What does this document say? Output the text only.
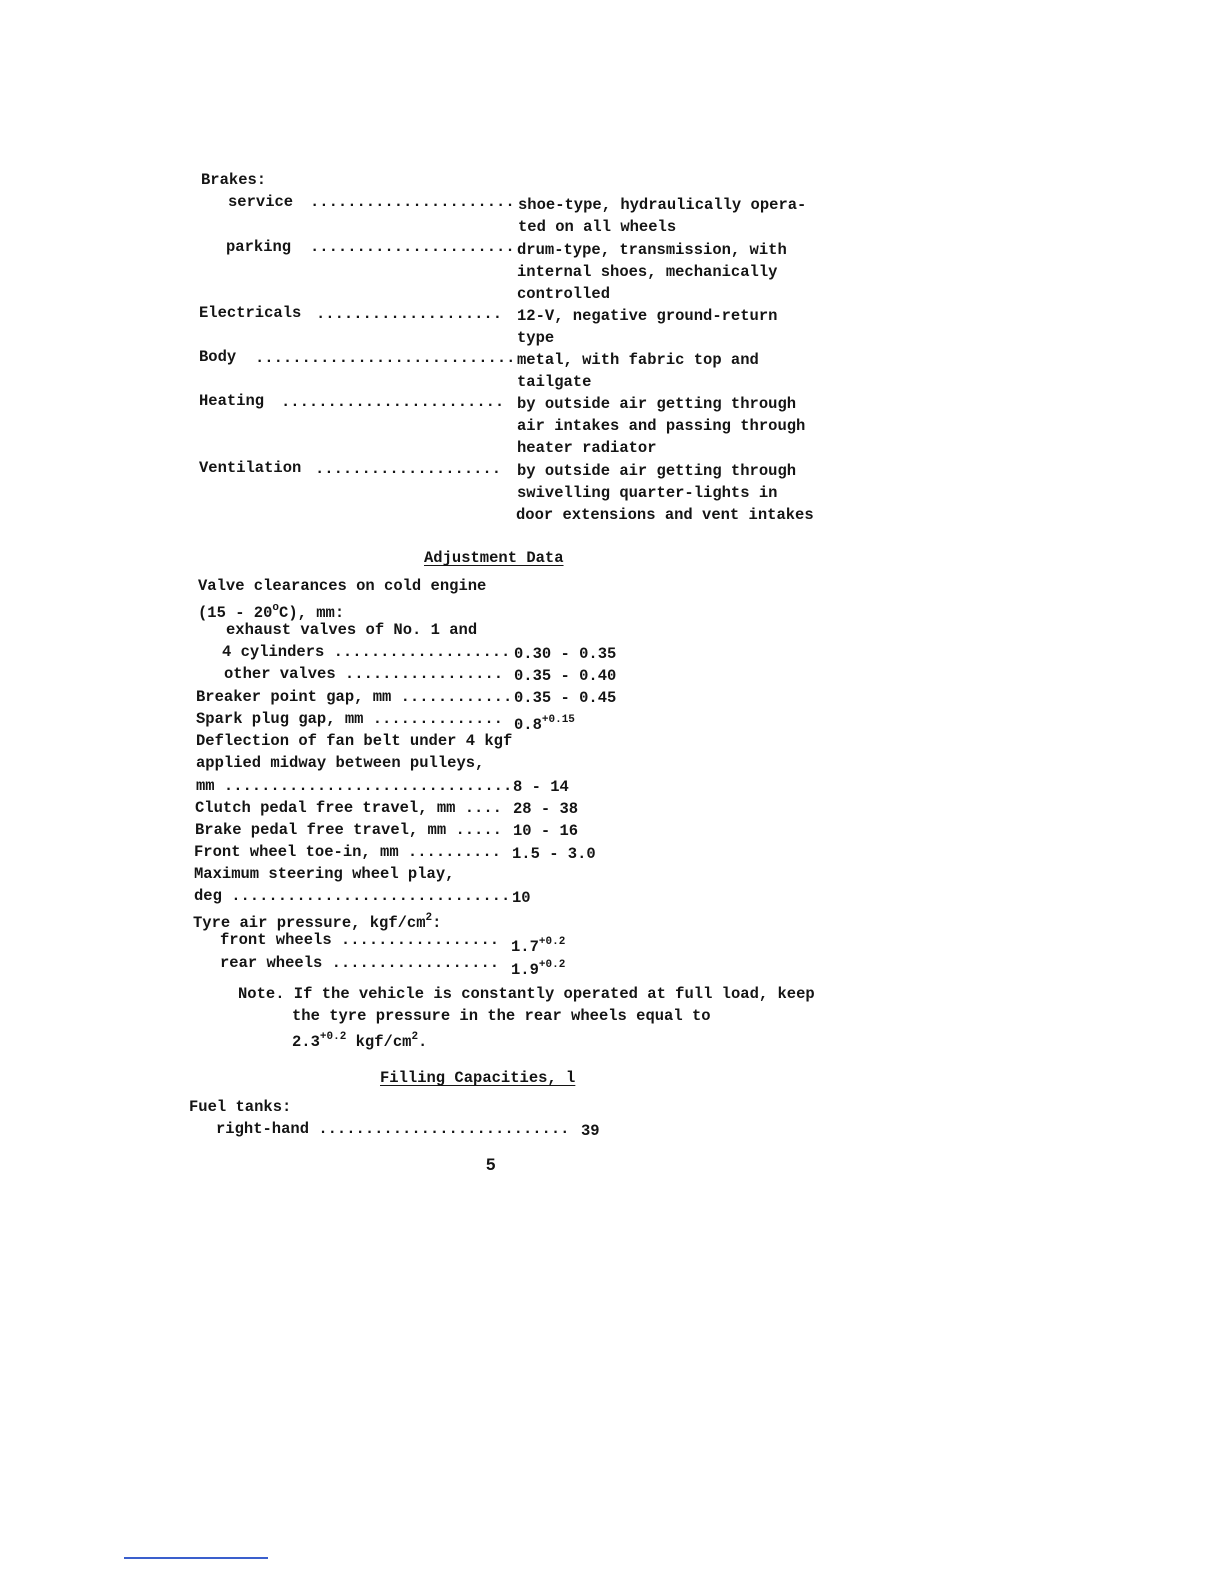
Brakes:
service ...................... shoe-type, hydraulically opera-
ted on all wheels
parking ...................... drum-type, transmission, with
internal shoes, mechanically
controlled
Electricals .................... 12-V, negative ground-return
type
Body ............................ metal, with fabric top and
tailgate
Heating ........................ by outside air getting through
air intakes and passing through
heater radiator
Ventilation .................... by outside air getting through
swivelling quarter-lights in
door extensions and vent intakes
Adjustment Data
Valve clearances on cold engine
(15 - 20$^o$C), mm:
exhaust valves of No. 1 and
4 cylinders ................... 0.30 - 0.35
other valves ................. 0.35 - 0.40
Breaker point gap, mm ............ 0.35 - 0.45
Spark plug gap, mm .............. $0.8^{+0.15}$
Deflection of fan belt under 4 kgf
applied midway between pulleys,
mm ............................... 8 - 14
Clutch pedal free travel, mm .... 28 - 38
Brake pedal free travel, mm ..... 10 - 16
Front wheel toe-in, mm .......... 1.5 - 3.0
Maximum steering wheel play,
deg .............................. 10
Tyre air pressure, kgf/$cm^2$:
front wheels ................. $1.7^{+0.2}$
rear wheels .................. $1.9^{+0.2}$
Note. If the vehicle is constantly operated at full load, keep
the tyre pressure in the rear wheels equal to
$2.3^{+0.2}$ kgf/$cm^2$.
Filling Capacities, l
Fuel tanks:
right-hand ........................... 39
5
